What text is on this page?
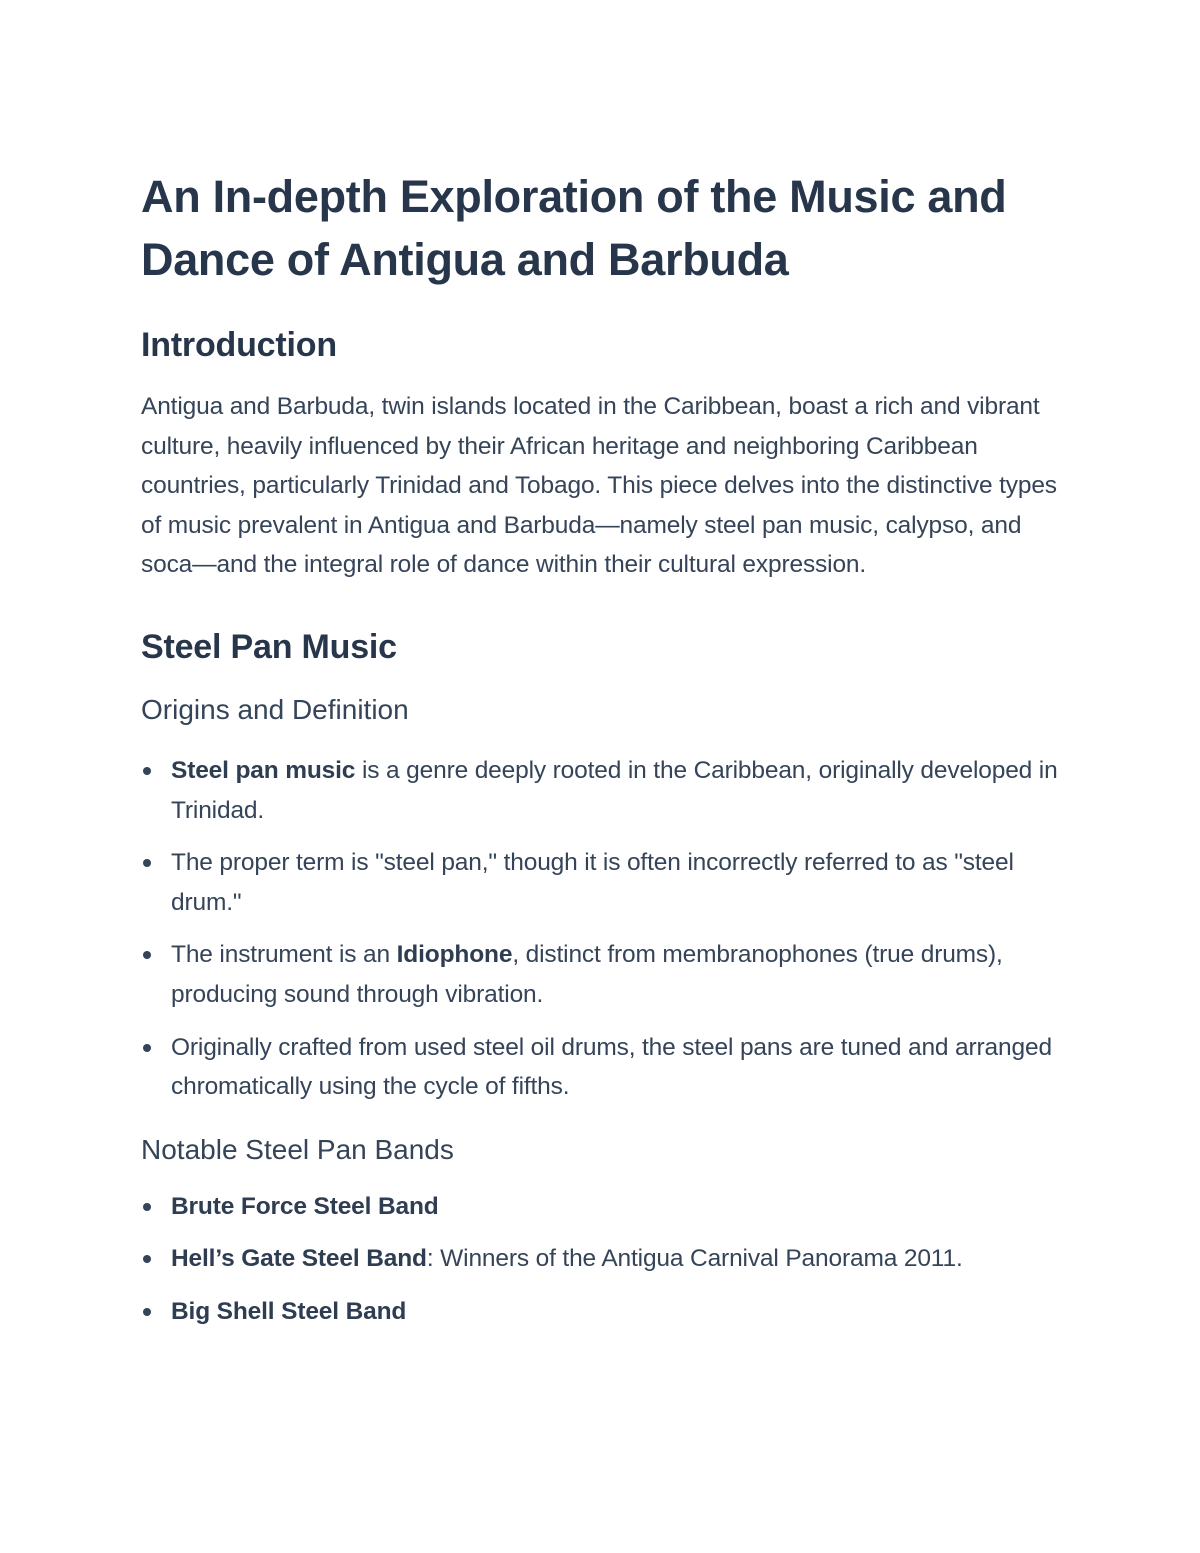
An In-depth Exploration of the Music and Dance of Antigua and Barbuda
Introduction

Antigua and Barbuda, twin islands located in the Caribbean, boast a rich and vibrant culture, heavily influenced by their African heritage and neighboring Caribbean countries, particularly Trinidad and Tobago. This piece delves into the distinctive types of music prevalent in Antigua and Barbuda—namely steel pan music, calypso, and soca—and the integral role of dance within their cultural expression.

Steel Pan Music
Origins and Definition
Steel pan music is a genre deeply rooted in the Caribbean, originally developed in Trinidad.
The proper term is "steel pan," though it is often incorrectly referred to as "steel drum."
The instrument is an Idiophone, distinct from membranophones (true drums), producing sound through vibration.
Originally crafted from used steel oil drums, the steel pans are tuned and arranged chromatically using the cycle of fifths.
Notable Steel Pan Bands
Brute Force Steel Band
Hell’s Gate Steel Band: Winners of the Antigua Carnival Panorama 2011.
Big Shell Steel Band
